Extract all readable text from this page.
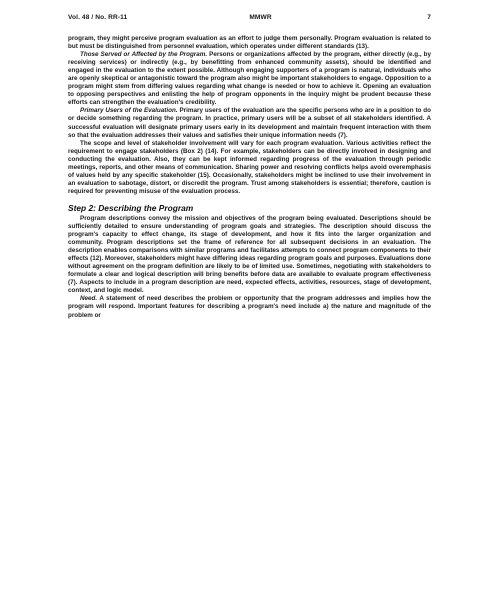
Vol. 48 / No. RR-11	MMWR	7

program, they might perceive program evaluation as an effort to judge them personally. Program evaluation is related to but must be distinguished from personnel evaluation, which operates under different standards (13).

Those Served or Affected by the Program. Persons or organizations affected by the program, either directly (e.g., by receiving services) or indirectly (e.g., by benefitting from enhanced community assets), should be identified and engaged in the evaluation to the extent possible. Although engaging supporters of a program is natural, individuals who are openly skeptical or antagonistic toward the program also might be important stakeholders to engage. Opposition to a program might stem from differing values regarding what change is needed or how to achieve it. Opening an evaluation to opposing perspectives and enlisting the help of program opponents in the inquiry might be prudent because these efforts can strengthen the evaluation's credibility.

Primary Users of the Evaluation. Primary users of the evaluation are the specific persons who are in a position to do or decide something regarding the program. In practice, primary users will be a subset of all stakeholders identified. A successful evaluation will designate primary users early in its development and maintain frequent interaction with them so that the evaluation addresses their values and satisfies their unique information needs (7).

The scope and level of stakeholder involvement will vary for each program evaluation. Various activities reflect the requirement to engage stakeholders (Box 2) (14). For example, stakeholders can be directly involved in designing and conducting the evaluation. Also, they can be kept informed regarding progress of the evaluation through periodic meetings, reports, and other means of communication. Sharing power and resolving conflicts helps avoid overemphasis of values held by any specific stakeholder (15). Occasionally, stakeholders might be inclined to use their involvement in an evaluation to sabotage, distort, or discredit the program. Trust among stakeholders is essential; therefore, caution is required for preventing misuse of the evaluation process.

Step 2: Describing the Program

Program descriptions convey the mission and objectives of the program being evaluated. Descriptions should be sufficiently detailed to ensure understanding of program goals and strategies. The description should discuss the program's capacity to effect change, its stage of development, and how it fits into the larger organization and community. Program descriptions set the frame of reference for all subsequent decisions in an evaluation. The description enables comparisons with similar programs and facilitates attempts to connect program components to their effects (12). Moreover, stakeholders might have differing ideas regarding program goals and purposes. Evaluations done without agreement on the program definition are likely to be of limited use. Sometimes, negotiating with stakeholders to formulate a clear and logical description will bring benefits before data are available to evaluate program effectiveness (7). Aspects to include in a program description are need, expected effects, activities, resources, stage of development, context, and logic model.

Need. A statement of need describes the problem or opportunity that the program addresses and implies how the program will respond. Important features for describing a program's need include a) the nature and magnitude of the problem or
